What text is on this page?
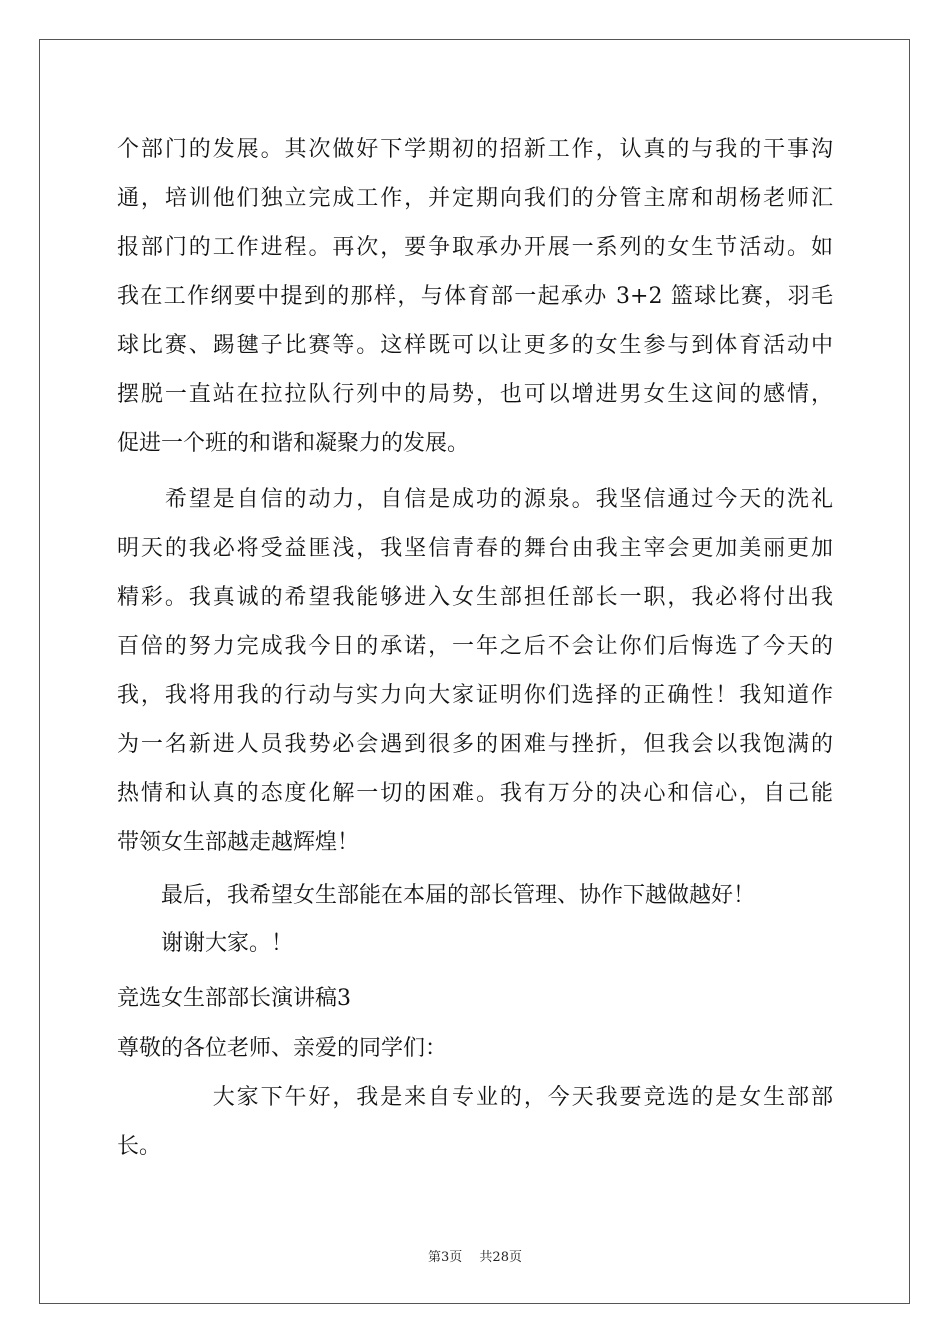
个部门的发展。其次做好下学期初的招新工作，认真的与我的干事沟
通，培训他们独立完成工作，并定期向我们的分管主席和胡杨老师汇
报部门的工作进程。再次，要争取承办开展一系列的女生节活动。如
我在工作纲要中提到的那样，与体育部一起承办 3+2 篮球比赛，羽毛
球比赛、踢毽子比赛等。这样既可以让更多的女生参与到体育活动中
摆脱一直站在拉拉队行列中的局势，也可以增进男女生这间的感情，
促进一个班的和谐和凝聚力的发展。
　　希望是自信的动力，自信是成功的源泉。我坚信通过今天的洗礼
明天的我必将受益匪浅，我坚信青春的舞台由我主宰会更加美丽更加
精彩。我真诚的希望我能够进入女生部担任部长一职，我必将付出我
百倍的努力完成我今日的承诺，一年之后不会让你们后悔选了今天的
我，我将用我的行动与实力向大家证明你们选择的正确性！我知道作
为一名新进人员我势必会遇到很多的困难与挫折，但我会以我饱满的
热情和认真的态度化解一切的困难。我有万分的决心和信心，自己能
带领女生部越走越辉煌！
　　最后，我希望女生部能在本届的部长管理、协作下越做越好！
　　谢谢大家。！
竞选女生部部长演讲稿3
尊敬的各位老师、亲爱的同学们：
　　　　大家下午好，我是来自专业的，今天我要竞选的是女生部部
长。
第3页　 共28页
